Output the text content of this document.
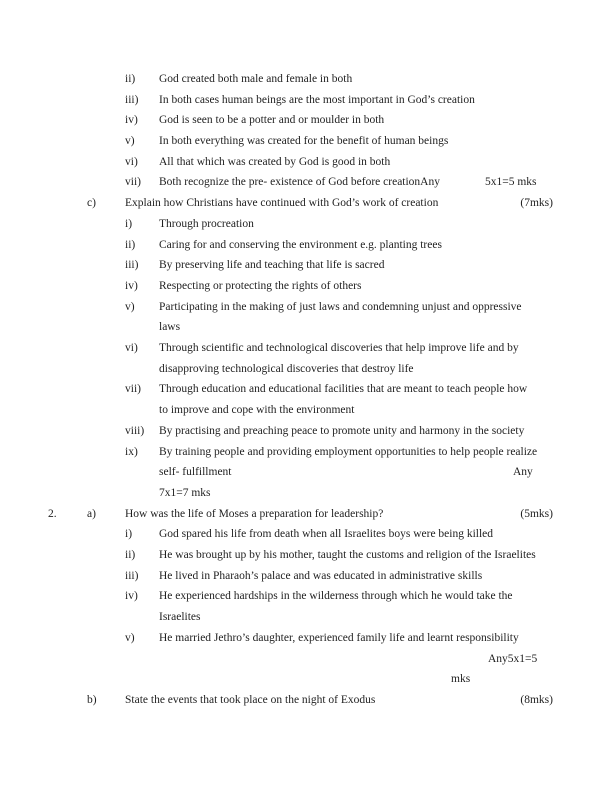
ii) God created both male and female in both
iii) In both cases human beings are the most important in God’s creation
iv) God is seen to be a potter and or moulder in both
v) In both everything was created for the benefit of human beings
vi) All that which was created by God is good in both
vii) Both recognize the pre- existence of God before creationAny	5x1=5 mks
c)	Explain how Christians have continued with God’s work of creation	(7mks)
i) Through procreation
ii) Caring for and conserving the environment e.g. planting trees
iii) By preserving life and teaching that life is sacred
iv) Respecting or protecting the rights of others
v) Participating in the making of just laws and condemning unjust and oppressive
laws
vi) Through scientific and technological discoveries that help improve life and by
disapproving technological discoveries that destroy life
vii) Through education and educational facilities that are meant to teach people how
to improve and cope with the environment
viii) By practising and preaching peace to promote unity and harmony in the society
ix) By training people and providing employment opportunities to help people realize
self- fulfillment	Any
7x1=7 mks
2.	a)	How was the life of Moses a preparation for leadership?	(5mks)
i) God spared his life from death when all Israelites boys were being killed
ii) He was brought up by his mother, taught the customs and religion of the Israelites
iii) He lived in Pharaoh’s palace and was educated in administrative skills
iv) He experienced hardships in the wilderness through which he would take the
Israelites
v) He married Jethro’s daughter, experienced family life and learnt responsibility
Any5x1=5
mks
b) State the events that took place on the night of Exodus	(8mks)
